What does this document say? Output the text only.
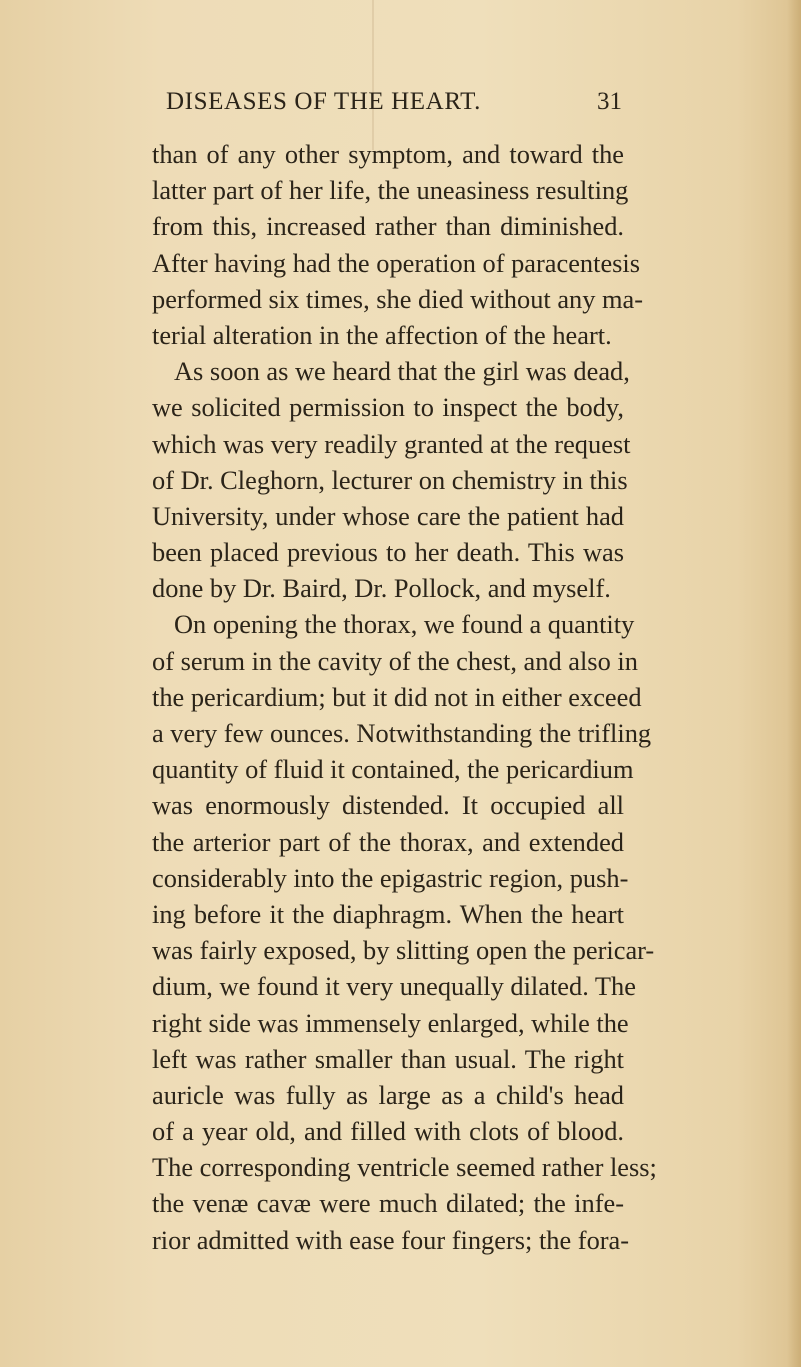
DISEASES OF THE HEART.	31
than of any other symptom, and toward the
latter part of her life, the uneasiness resulting
from this, increased rather than diminished.
After having had the operation of paracentesis
performed six times, she died without any ma-
terial alteration in the affection of the heart.
As soon as we heard that the girl was dead,
we solicited permission to inspect the body,
which was very readily granted at the request
of Dr. Cleghorn, lecturer on chemistry in this
University, under whose care the patient had
been placed previous to her death. This was
done by Dr. Baird, Dr. Pollock, and myself.
On opening the thorax, we found a quantity
of serum in the cavity of the chest, and also in
the pericardium; but it did not in either exceed
a very few ounces. Notwithstanding the trifling
quantity of fluid it contained, the pericardium
was enormously distended. It occupied all
the arterior part of the thorax, and extended
considerably into the epigastric region, push-
ing before it the diaphragm. When the heart
was fairly exposed, by slitting open the pericar-
dium, we found it very unequally dilated. The
right side was immensely enlarged, while the
left was rather smaller than usual. The right
auricle was fully as large as a child's head
of a year old, and filled with clots of blood.
The corresponding ventricle seemed rather less;
the venæ cavæ were much dilated; the infe-
rior admitted with ease four fingers; the fora-
